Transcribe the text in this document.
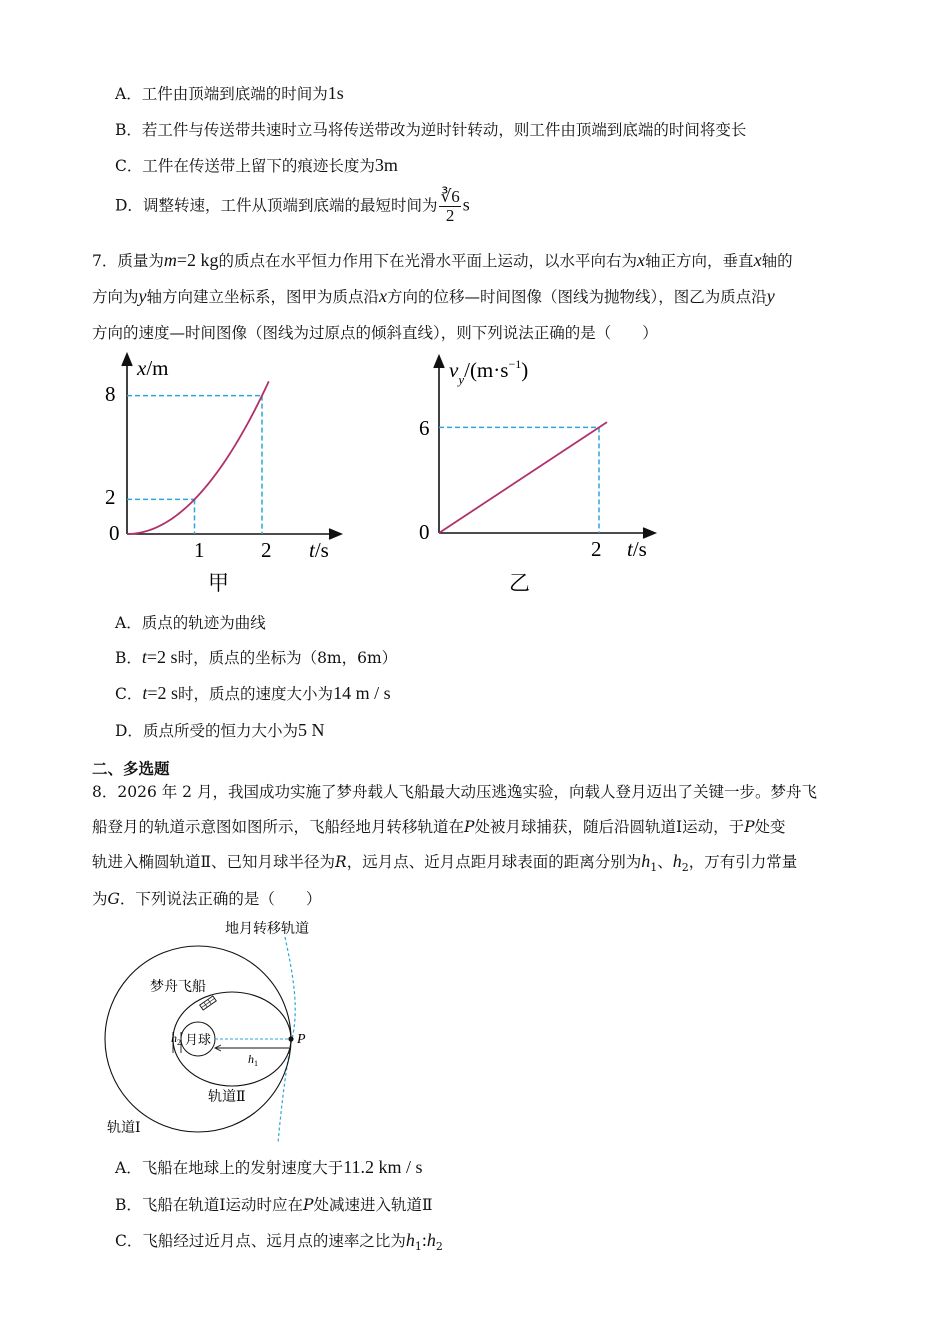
A．工件由顶端到底端的时间为1s
B．若工件与传送带共速时立马将传送带改为逆时针转动，则工件由顶端到底端的时间将变长
C．工件在传送带上留下的痕迹长度为3m
D．调整转速，工件从顶端到底端的最短时间为 $\frac{∛6}{2}$ s
7．质量为m=2 kg的质点在水平恒力作用下在光滑水平面上运动，以水平向右为x轴正方向，垂直x轴的
方向为y轴方向建立坐标系，图甲为质点沿x方向的位移—时间图像（图线为抛物线），图乙为质点沿y
方向的速度—时间图像（图线为过原点的倾斜直线），则下列说法正确的是（　　）
x/m
8
2
0
1	2 t/s
甲
$v_y/(m\cdot s^{-1})$
6
0
2 t/s
乙
A．质点的轨迹为曲线
B．t=2 s时，质点的坐标为（8m，6m）
C．t=2 s时，质点的速度大小为14 m / s
D．质点所受的恒力大小为5 N
二、多选题
8．2026 年 2 月，我国成功实施了梦舟载人飞船最大动压逃逸实验，向载人登月迈出了关键一步。梦舟飞
船登月的轨道示意图如图所示，飞船经地月转移轨道在P处被月球捕获，随后沿圆轨道Ⅰ运动，于P处变
轨进入椭圆轨道Ⅱ、已知月球半径为R，远月点、近月点距月球表面的距离分别为$h_1$、$h_2$，万有引力常量
为G．下列说法正确的是（　　）
地月转移轨道
梦舟飞船
月球	P
$h_1$
$h_2$
轨道Ⅱ
轨道Ⅰ
A．飞船在地球上的发射速度大于11.2 km / s
B．飞船在轨道Ⅰ运动时应在P处减速进入轨道Ⅱ
C．飞船经过近月点、远月点的速率之比为$h_1:h_2$
